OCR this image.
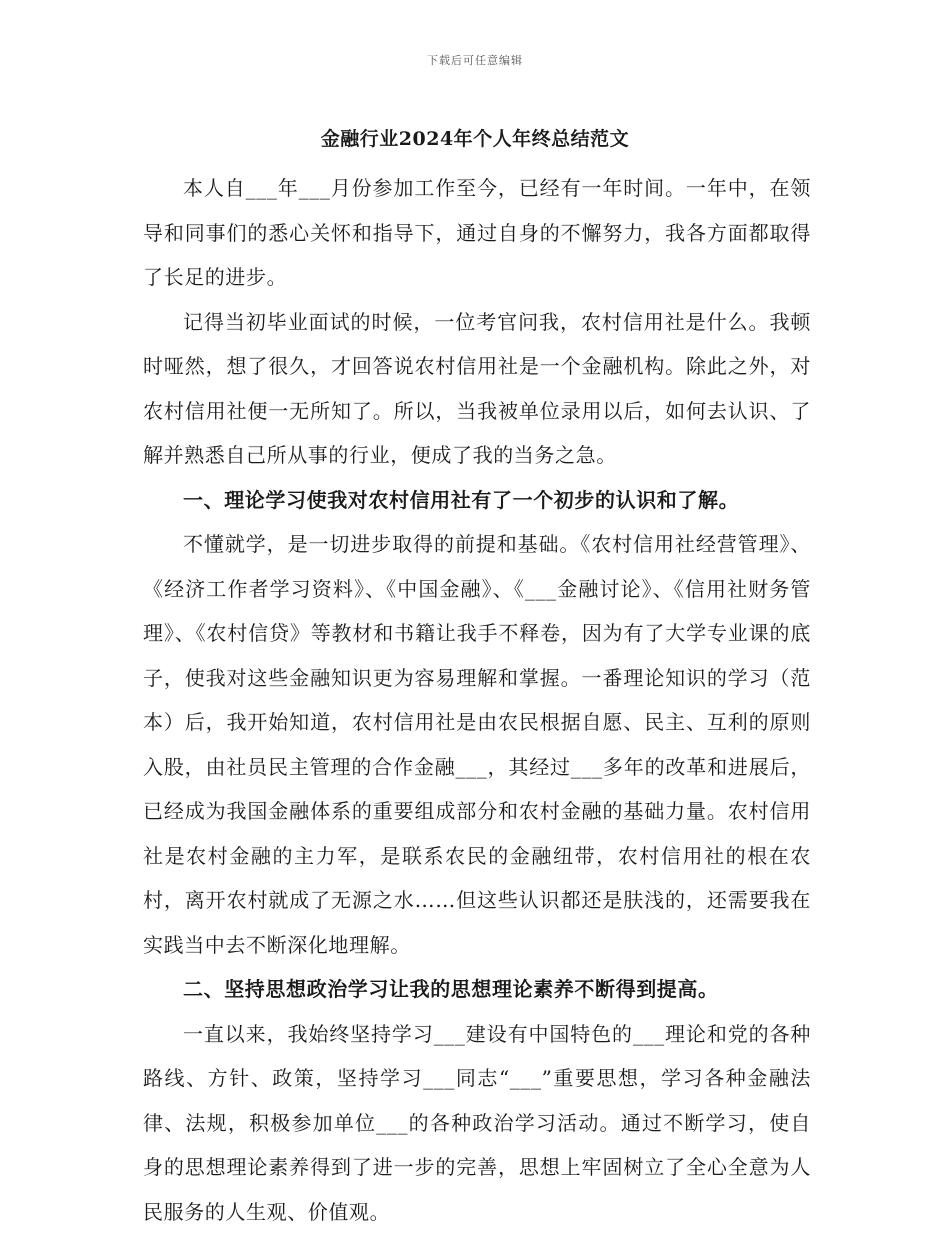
下载后可任意编辑
金融行业2024年个人年终总结范文

本人自___年___月份参加工作至今，已经有一年时间。一年中，在领导和同事们的悉心关怀和指导下，通过自身的不懈努力，我各方面都取得了长足的进步。

记得当初毕业面试的时候，一位考官问我，农村信用社是什么。我顿时哑然，想了很久，才回答说农村信用社是一个金融机构。除此之外，对农村信用社便一无所知了。所以，当我被单位录用以后，如何去认识、了解并熟悉自己所从事的行业，便成了我的当务之急。

一、理论学习使我对农村信用社有了一个初步的认识和了解。

不懂就学，是一切进步取得的前提和基础。《农村信用社经营管理》、《经济工作者学习资料》、《中国金融》、《___金融讨论》、《信用社财务管理》、《农村信贷》等教材和书籍让我手不释卷，因为有了大学专业课的底子，使我对这些金融知识更为容易理解和掌握。一番理论知识的学习（范本）后，我开始知道，农村信用社是由农民根据自愿、民主、互利的原则入股，由社员民主管理的合作金融___，其经过___多年的改革和进展后，已经成为我国金融体系的重要组成部分和农村金融的基础力量。农村信用社是农村金融的主力军，是联系农民的金融纽带，农村信用社的根在农村，离开农村就成了无源之水……但这些认识都还是肤浅的，还需要我在实践当中去不断深化地理解。

二、坚持思想政治学习让我的思想理论素养不断得到提高。

一直以来，我始终坚持学习___建设有中国特色的___理论和党的各种路线、方针、政策，坚持学习___同志“___”重要思想，学习各种金融法律、法规，积极参加单位___的各种政治学习活动。通过不断学习，使自身的思想理论素养得到了进一步的完善，思想上牢固树立了全心全意为人民服务的人生观、价值观。
